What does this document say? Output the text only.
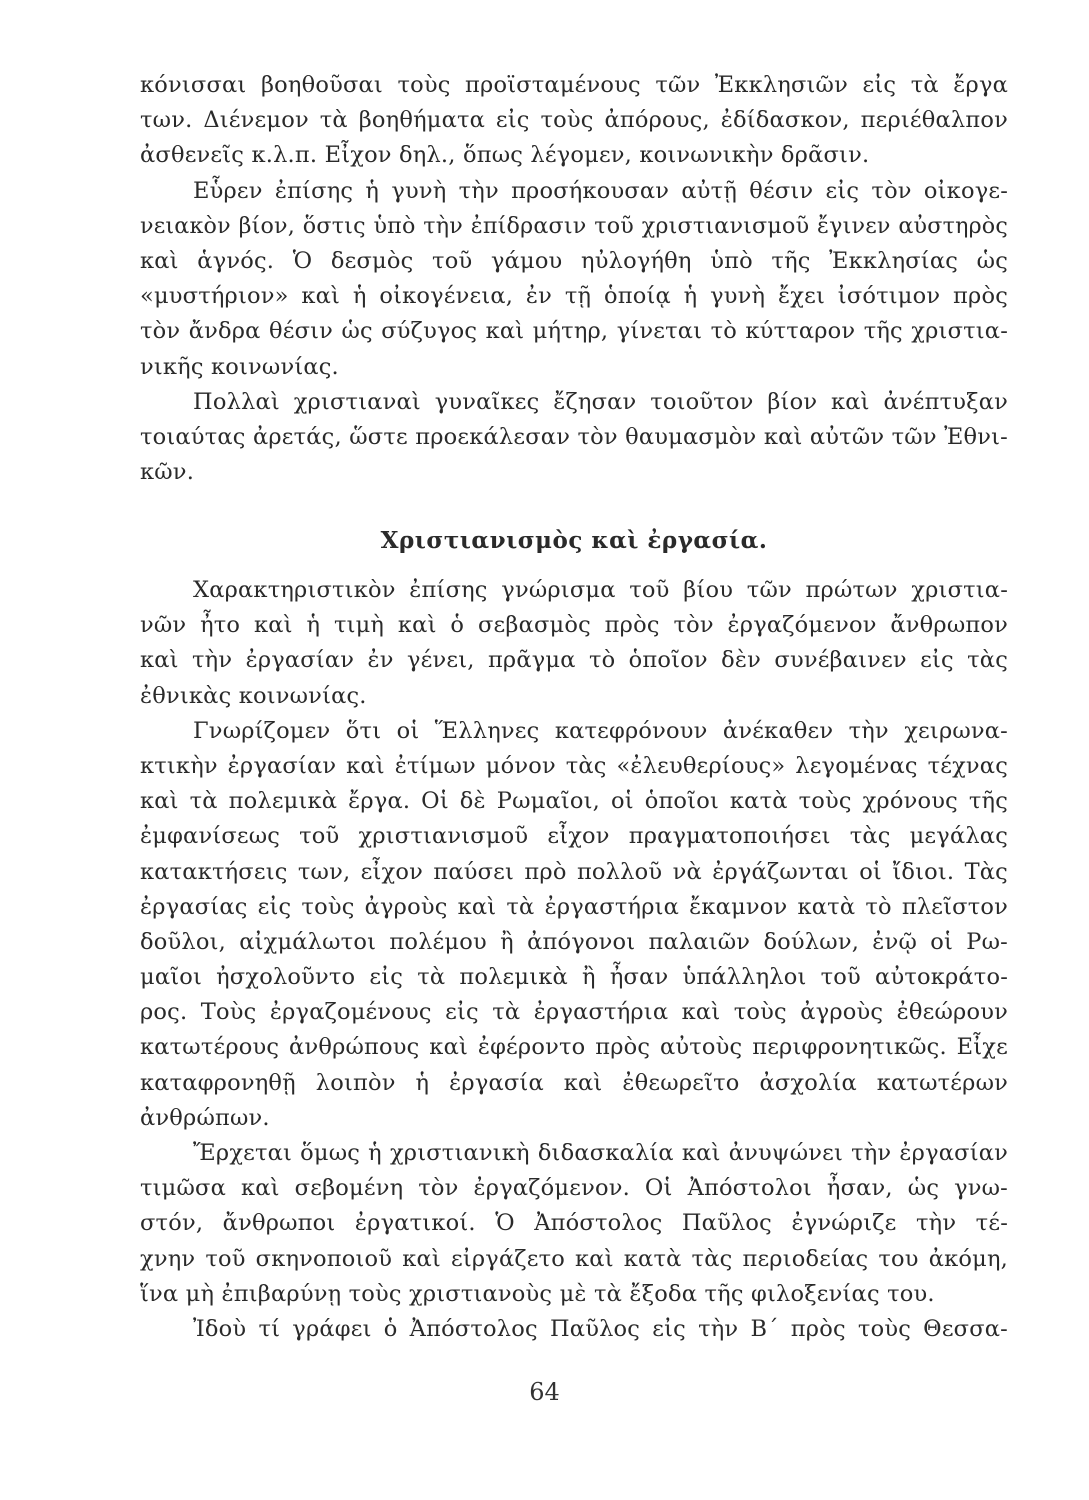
κόνισσαι βοηθοῦσαι τοὺς προϊσταμένους τῶν Ἐκκλησιῶν εἰς τὰ ἔργα
των. Διένεμον τὰ βοηθήματα εἰς τοὺς ἀπόρους, ἐδίδασκον, περιέθαλπον
ἀσθενεῖς κ.λ.π. Εἶχον δηλ., ὅπως λέγομεν, κοινωνικὴν δρᾶσιν.
Εὗρεν ἐπίσης ἡ γυνὴ τὴν προσήκουσαν αὐτῇ θέσιν εἰς τὸν οἰκογε-
νειακὸν βίον, ὅστις ὑπὸ τὴν ἐπίδρασιν τοῦ χριστιανισμοῦ ἔγινεν αὐστηρὸς
καὶ ἁγνός. Ὁ δεσμὸς τοῦ γάμου ηὐλογήθη ὑπὸ τῆς Ἐκκλησίας ὡς
«μυστήριον» καὶ ἡ οἰκογένεια, ἐν τῇ ὁποίᾳ ἡ γυνὴ ἔχει ἰσότιμον πρὸς
τὸν ἄνδρα θέσιν ὡς σύζυγος καὶ μήτηρ, γίνεται τὸ κύτταρον τῆς χριστια-
νικῆς κοινωνίας.
Πολλαὶ χριστιαναὶ γυναῖκες ἔζησαν τοιοῦτον βίον καὶ ἀνέπτυξαν
τοιαύτας ἀρετάς, ὥστε προεκάλεσαν τὸν θαυμασμὸν καὶ αὐτῶν τῶν Ἐθνι-
κῶν.
Χριστιανισμὸς καὶ ἐργασία.
Χαρακτηριστικὸν ἐπίσης γνώρισμα τοῦ βίου τῶν πρώτων χριστια-
νῶν ἦτο καὶ ἡ τιμὴ καὶ ὁ σεβασμὸς πρὸς τὸν ἐργαζόμενον ἄνθρωπον
καὶ τὴν ἐργασίαν ἐν γένει, πρᾶγμα τὸ ὁποῖον δὲν συνέβαινεν εἰς τὰς
ἐθνικὰς κοινωνίας.
Γνωρίζομεν ὅτι οἱ Ἕλληνες κατεφρόνουν ἀνέκαθεν τὴν χειρωνα-
κτικὴν ἐργασίαν καὶ ἐτίμων μόνον τὰς «ἐλευθερίους» λεγομένας τέχνας
καὶ τὰ πολεμικὰ ἔργα. Οἱ δὲ Ρωμαῖοι, οἱ ὁποῖοι κατὰ τοὺς χρόνους τῆς
ἐμφανίσεως τοῦ χριστιανισμοῦ εἶχον πραγματοποιήσει τὰς μεγάλας
κατακτήσεις των, εἶχον παύσει πρὸ πολλοῦ νὰ ἐργάζωνται οἱ ἴδιοι. Τὰς
ἐργασίας εἰς τοὺς ἀγροὺς καὶ τὰ ἐργαστήρια ἔκαμνον κατὰ τὸ πλεῖστον
δοῦλοι, αἰχμάλωτοι πολέμου ἢ ἀπόγονοι παλαιῶν δούλων, ἐνῷ οἱ Ρω-
μαῖοι ἠσχολοῦντο εἰς τὰ πολεμικὰ ἢ ἦσαν ὑπάλληλοι τοῦ αὐτοκράτο-
ρος. Τοὺς ἐργαζομένους εἰς τὰ ἐργαστήρια καὶ τοὺς ἀγροὺς ἐθεώρουν
κατωτέρους ἀνθρώπους καὶ ἐφέροντο πρὸς αὐτοὺς περιφρονητικῶς. Εἶχε
καταφρονηθῇ λοιπὸν ἡ ἐργασία καὶ ἐθεωρεῖτο ἀσχολία κατωτέρων
ἀνθρώπων.
Ἔρχεται ὅμως ἡ χριστιανικὴ διδασκαλία καὶ ἀνυψώνει τὴν ἐργασίαν
τιμῶσα καὶ σεβομένη τὸν ἐργαζόμενον. Οἱ Ἀπόστολοι ἦσαν, ὡς γνω-
στόν, ἄνθρωποι ἐργατικοί. Ὁ Ἀπόστολος Παῦλος ἐγνώριζε τὴν τέ-
χνην τοῦ σκηνοποιοῦ καὶ εἰργάζετο καὶ κατὰ τὰς περιοδείας του ἀκόμη,
ἵνα μὴ ἐπιβαρύνῃ τοὺς χριστιανοὺς μὲ τὰ ἔξοδα τῆς φιλοξενίας του.
Ἰδοὺ τί γράφει ὁ Ἀπόστολος Παῦλος εἰς τὴν Β΄ πρὸς τοὺς Θεσσα-
64
